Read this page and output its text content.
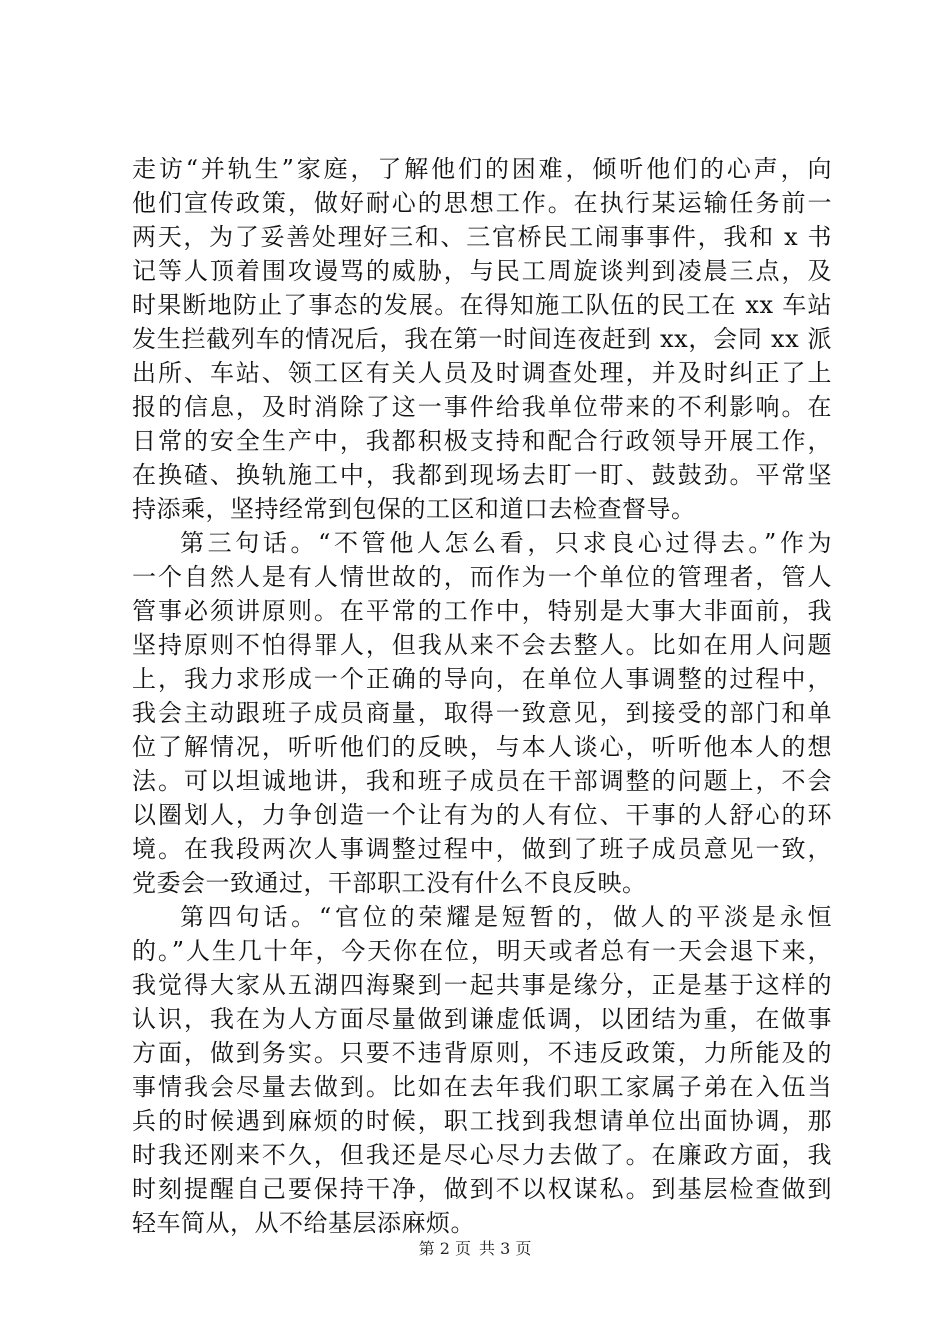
走访“并轨生”家庭，了解他们的困难，倾听他们的心声，向
他们宣传政策，做好耐心的思想工作。在执行某运输任务前一
两天，为了妥善处理好三和、三官桥民工闹事事件，我和 x 书
记等人顶着围攻谩骂的威胁，与民工周旋谈判到凌晨三点，及
时果断地防止了事态的发展。在得知施工队伍的民工在 xx 车站
发生拦截列车的情况后，我在第一时间连夜赶到 xx，会同 xx 派
出所、车站、领工区有关人员及时调查处理，并及时纠正了上
报的信息，及时消除了这一事件给我单位带来的不利影响。在
日常的安全生产中，我都积极支持和配合行政领导开展工作，
在换碴、换轨施工中，我都到现场去盯一盯、鼓鼓劲。平常坚
持添乘，坚持经常到包保的工区和道口去检查督导。
第三句话。“不管他人怎么看，只求良心过得去。”作为
一个自然人是有人情世故的，而作为一个单位的管理者，管人
管事必须讲原则。在平常的工作中，特别是大事大非面前，我
坚持原则不怕得罪人，但我从来不会去整人。比如在用人问题
上，我力求形成一个正确的导向，在单位人事调整的过程中，
我会主动跟班子成员商量，取得一致意见，到接受的部门和单
位了解情况，听听他们的反映，与本人谈心，听听他本人的想
法。可以坦诚地讲，我和班子成员在干部调整的问题上，不会
以圈划人，力争创造一个让有为的人有位、干事的人舒心的环
境。在我段两次人事调整过程中，做到了班子成员意见一致，
党委会一致通过，干部职工没有什么不良反映。
第四句话。“官位的荣耀是短暂的，做人的平淡是永恒
的。”人生几十年，今天你在位，明天或者总有一天会退下来，
我觉得大家从五湖四海聚到一起共事是缘分，正是基于这样的
认识，我在为人方面尽量做到谦虚低调，以团结为重，在做事
方面，做到务实。只要不违背原则，不违反政策，力所能及的
事情我会尽量去做到。比如在去年我们职工家属子弟在入伍当
兵的时候遇到麻烦的时候，职工找到我想请单位出面协调，那
时我还刚来不久，但我还是尽心尽力去做了。在廉政方面，我
时刻提醒自己要保持干净，做到不以权谋私。到基层检查做到
轻车简从，从不给基层添麻烦。
第 2 页 共 3 页
